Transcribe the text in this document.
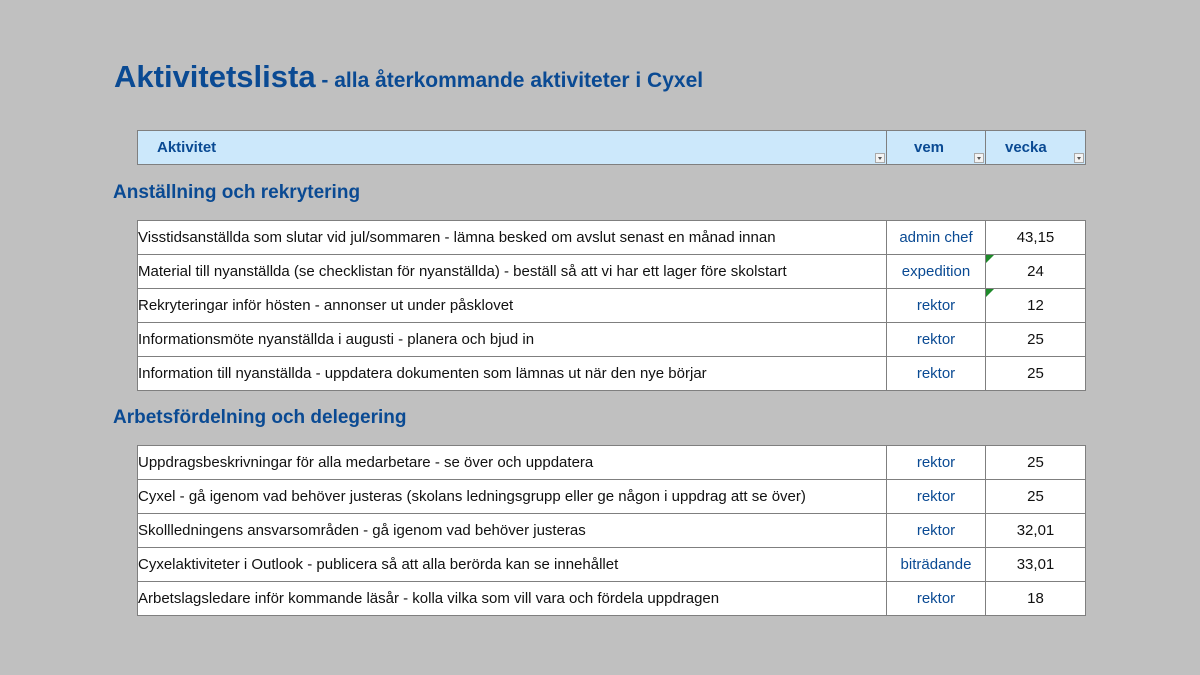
Aktivitetslista - alla återkommande aktiviteter i Cyxel
Aktivitet	vem	vecka
Anställning och rekrytering
Visstidsanställda som slutar vid jul/sommaren - lämna besked om avslut senast en månad innan	admin chef	43,15
Material till nyanställda (se checklistan för nyanställda) - beställ så att vi har ett lager före skolstart	expedition	24

Rekryteringar inför hösten - annonser ut under påsklovet	rektor	12

Informationsmöte nyanställda i augusti - planera och bjud in	rektor	25
Information till nyanställda - uppdatera dokumenten som lämnas ut när den nye börjar	rektor	25
Arbetsfördelning och delegering
Uppdragsbeskrivningar för alla medarbetare - se över och uppdatera	rektor	25
Cyxel - gå igenom vad behöver justeras (skolans ledningsgrupp eller ge någon i uppdrag att se över)	rektor	25
Skollledningens ansvarsområden - gå igenom vad behöver justeras	rektor	32,01
Cyxelaktiviteter i Outlook - publicera så att alla berörda kan se innehållet	biträdande	33,01
Arbetslagsledare inför kommande läsår - kolla vilka som vill vara och fördela uppdragen	rektor	18
